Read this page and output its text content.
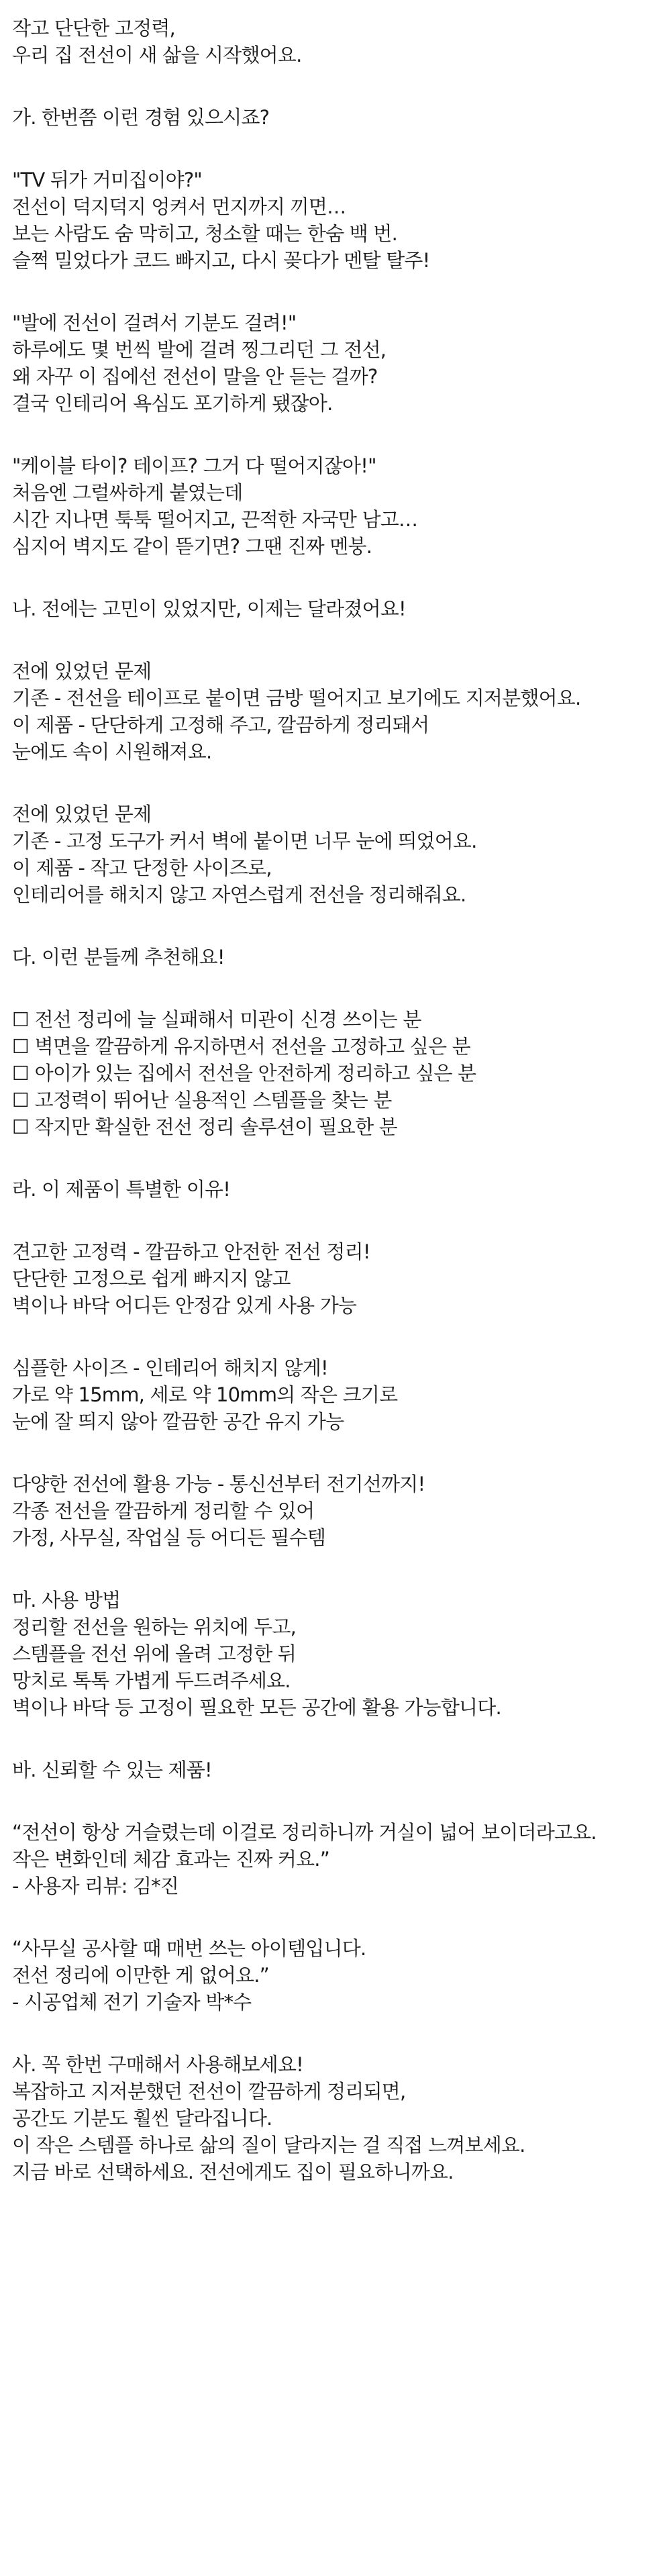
작고 단단한 고정력,
우리 집 전선이 새 삶을 시작했어요.
가. 한번쯤 이런 경험 있으시죠?
"TV 뒤가 거미집이야?"
전선이 덕지덕지 엉켜서 먼지까지 끼면…
보는 사람도 숨 막히고, 청소할 때는 한숨 백 번.
슬쩍 밀었다가 코드 빠지고, 다시 꽂다가 멘탈 탈주!
"발에 전선이 걸려서 기분도 걸려!"
하루에도 몇 번씩 발에 걸려 찡그리던 그 전선,
왜 자꾸 이 집에선 전선이 말을 안 듣는 걸까?
결국 인테리어 욕심도 포기하게 됐잖아.
"케이블 타이? 테이프? 그거 다 떨어지잖아!"
처음엔 그럴싸하게 붙였는데
시간 지나면 툭툭 떨어지고, 끈적한 자국만 남고…
심지어 벽지도 같이 뜯기면? 그땐 진짜 멘붕.
나. 전에는 고민이 있었지만, 이제는 달라졌어요!
전에 있었던 문제
기존 - 전선을 테이프로 붙이면 금방 떨어지고 보기에도 지저분했어요.
이 제품 - 단단하게 고정해 주고, 깔끔하게 정리돼서
눈에도 속이 시원해져요.
전에 있었던 문제
기존 - 고정 도구가 커서 벽에 붙이면 너무 눈에 띄었어요.
이 제품 - 작고 단정한 사이즈로,
인테리어를 해치지 않고 자연스럽게 전선을 정리해줘요.
다. 이런 분들께 추천해요!
☐ 전선 정리에 늘 실패해서 미관이 신경 쓰이는 분
☐ 벽면을 깔끔하게 유지하면서 전선을 고정하고 싶은 분
☐ 아이가 있는 집에서 전선을 안전하게 정리하고 싶은 분
☐ 고정력이 뛰어난 실용적인 스템플을 찾는 분
☐ 작지만 확실한 전선 정리 솔루션이 필요한 분
라. 이 제품이 특별한 이유!
견고한 고정력 - 깔끔하고 안전한 전선 정리!
단단한 고정으로 쉽게 빠지지 않고
벽이나 바닥 어디든 안정감 있게 사용 가능
심플한 사이즈 - 인테리어 해치지 않게!
가로 약 15mm, 세로 약 10mm의 작은 크기로
눈에 잘 띄지 않아 깔끔한 공간 유지 가능
다양한 전선에 활용 가능 - 통신선부터 전기선까지!
각종 전선을 깔끔하게 정리할 수 있어
가정, 사무실, 작업실 등 어디든 필수템
마. 사용 방법
정리할 전선을 원하는 위치에 두고,
스템플을 전선 위에 올려 고정한 뒤
망치로 톡톡 가볍게 두드려주세요.
벽이나 바닥 등 고정이 필요한 모든 공간에 활용 가능합니다.
바. 신뢰할 수 있는 제품!
“전선이 항상 거슬렸는데 이걸로 정리하니까 거실이 넓어 보이더라고요.
작은 변화인데 체감 효과는 진짜 커요.”
- 사용자 리뷰: 김*진
“사무실 공사할 때 매번 쓰는 아이템입니다.
전선 정리에 이만한 게 없어요.”
- 시공업체 전기 기술자 박*수
사. 꼭 한번 구매해서 사용해보세요!
복잡하고 지저분했던 전선이 깔끔하게 정리되면,
공간도 기분도 훨씬 달라집니다.
이 작은 스템플 하나로 삶의 질이 달라지는 걸 직접 느껴보세요.
지금 바로 선택하세요. 전선에게도 집이 필요하니까요.
